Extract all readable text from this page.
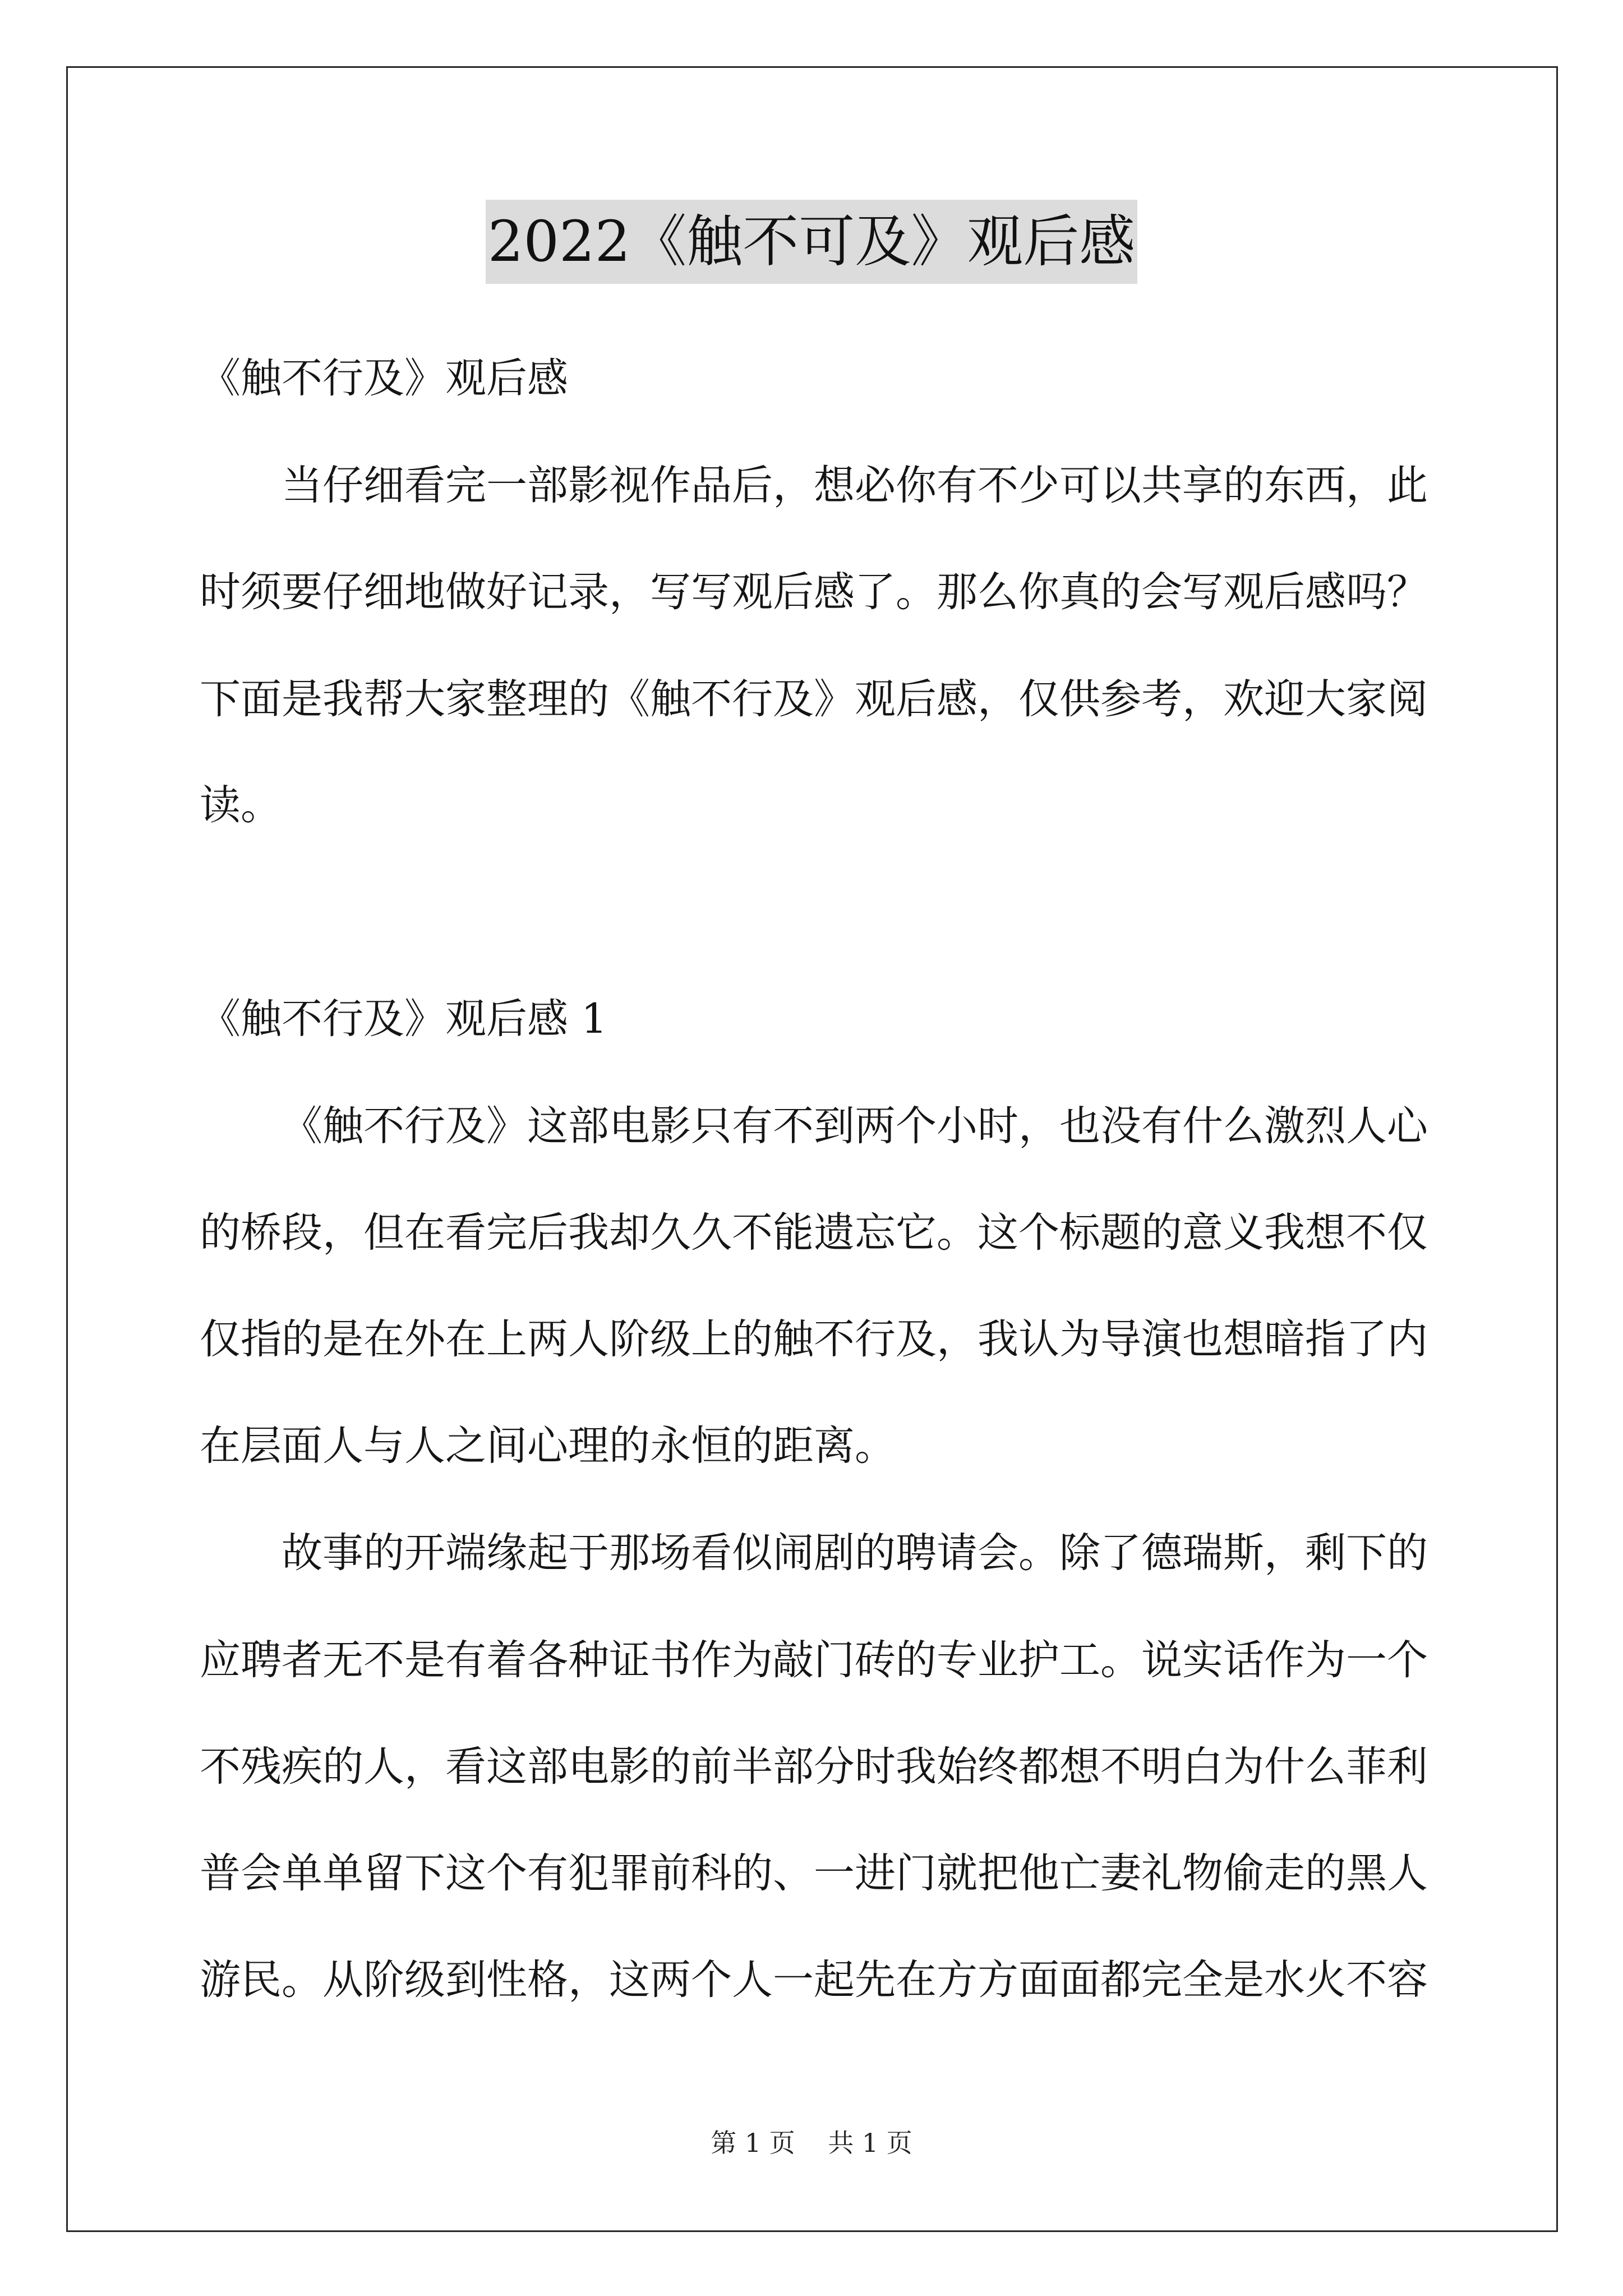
2022《触不可及》观后感
《触不行及》观后感
当仔细看完一部影视作品后，想必你有不少可以共享的东西，此
时须要仔细地做好记录，写写观后感了。那么你真的会写观后感吗？
下面是我帮大家整理的《触不行及》观后感，仅供参考，欢迎大家阅
读。
《触不行及》观后感 1
《触不行及》这部电影只有不到两个小时，也没有什么激烈人心
的桥段，但在看完后我却久久不能遗忘它。这个标题的意义我想不仅
仅指的是在外在上两人阶级上的触不行及，我认为导演也想暗指了内
在层面人与人之间心理的永恒的距离。
故事的开端缘起于那场看似闹剧的聘请会。除了德瑞斯，剩下的
应聘者无不是有着各种证书作为敲门砖的专业护工。说实话作为一个
不残疾的人，看这部电影的前半部分时我始终都想不明白为什么菲利
普会单单留下这个有犯罪前科的、一进门就把他亡妻礼物偷走的黑人
游民。从阶级到性格，这两个人一起先在方方面面都完全是水火不容
第 1 页    共 1 页
